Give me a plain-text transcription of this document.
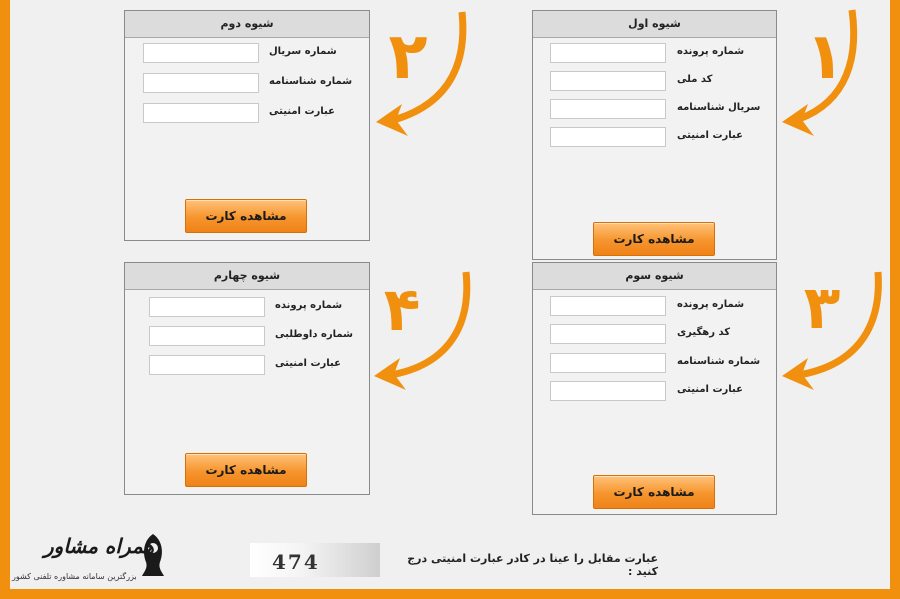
شیوه اول
شماره پرونده
کد ملی
سریال شناسنامه
عبارت امنیتی
مشاهده کارت
شیوه دوم
شماره سریال
شماره شناسنامه
عبارت امنیتی
مشاهده کارت
شیوه سوم
شماره پرونده
کد رهگیری
شماره شناسنامه
عبارت امنیتی
مشاهده کارت
شیوه چهارم
شماره پرونده
شماره داوطلبی
عبارت امنیتی
مشاهده کارت
۱
۲
۳
۴
عبارت مقابل را عینا در کادر عبارت امنیتی درج کنید :
474
همراه مشاور
بزرگترین سامانه مشاوره تلفنی کشور
